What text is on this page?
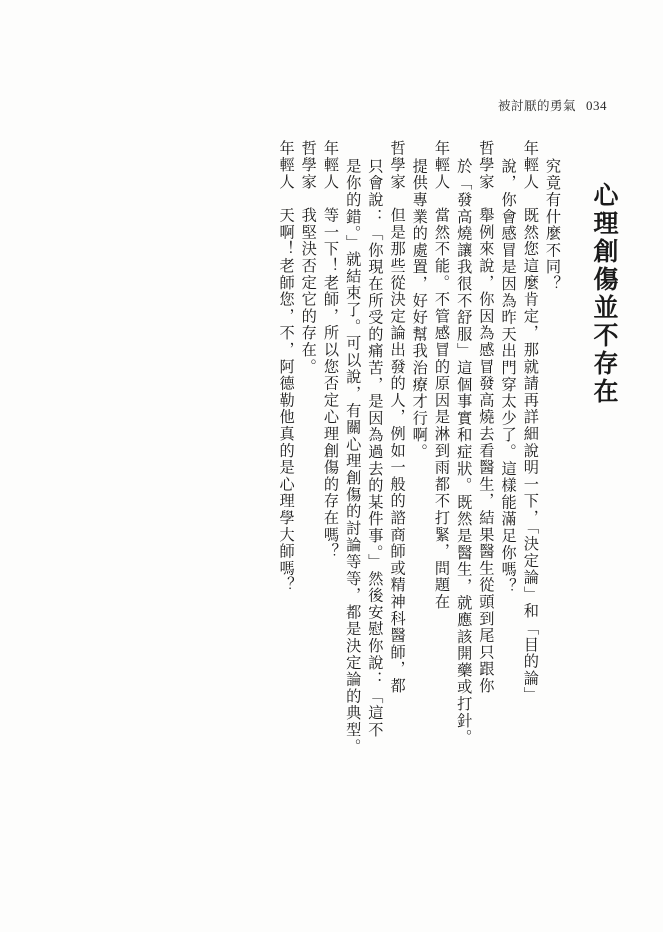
被討厭的勇氣 034
心理創傷並不存在
究竟有什麼不同？
年輕人　既然您這麼肯定，那就請再詳細說明一下，「決定論」和「目的論」
說，你會感冒是因為昨天出門穿太少了。這樣能滿足你嗎？
哲學家　舉例來說，你因為感冒發高燒去看醫生，結果醫生從頭到尾只跟你
於「發高燒讓我很不舒服」這個事實和症狀。既然是醫生，就應該開藥或打針。
年輕人　當然不能。不管感冒的原因是淋到雨都不打緊，問題在
提供專業的處置，好好幫我治療才行啊。
哲學家　但是那些從決定論出發的人，例如一般的諮商師或精神科醫師，都
只會說：「你現在所受的痛苦，是因為過去的某件事。」然後安慰你說：「這不
是你的錯。」就結束了。可以說，有關心理創傷的討論等等，都是決定論的典型。
年輕人　等一下！老師，所以您否定心理創傷的存在嗎？
哲學家　我堅決否定它的存在。
年輕人　天啊！老師您，不，阿德勒他真的是心理學大師嗎？
